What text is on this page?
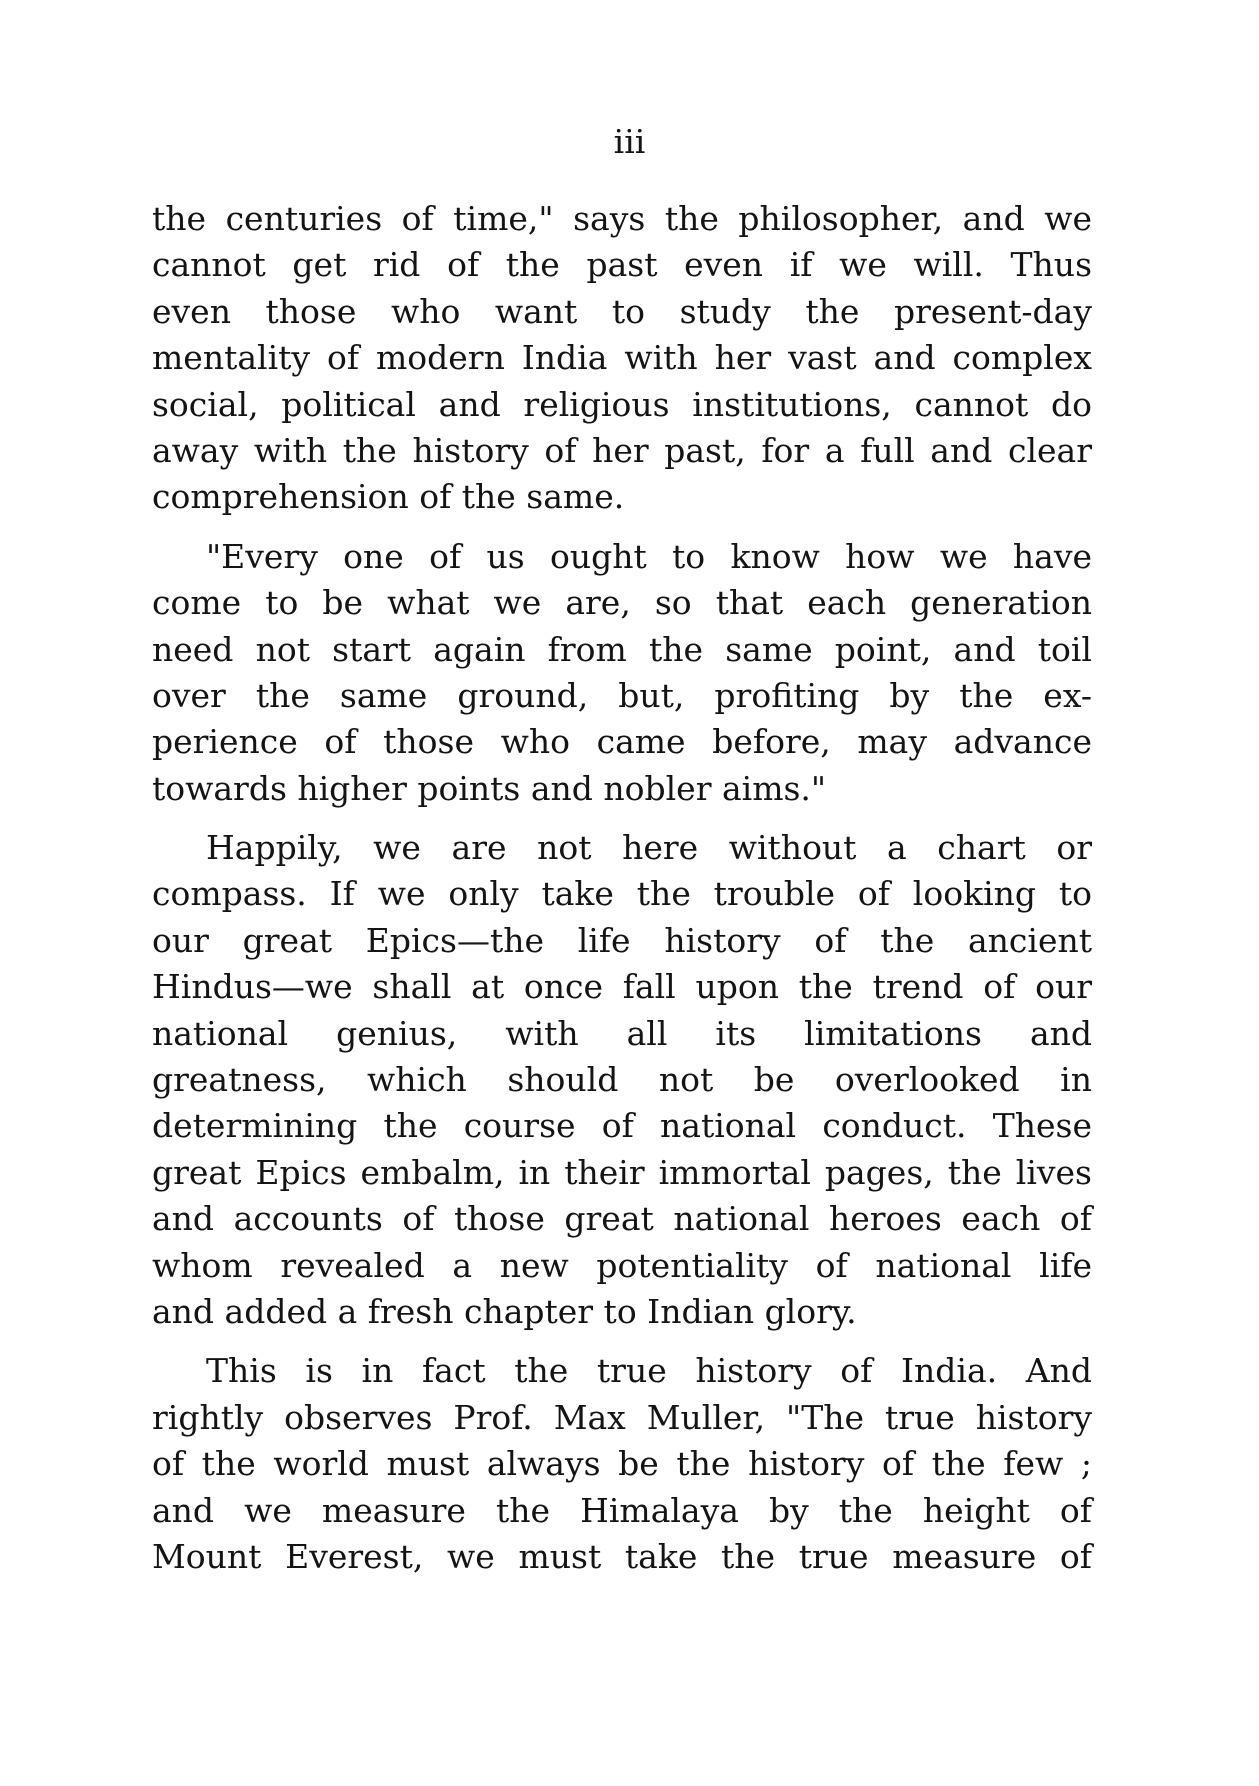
iii

the centuries of time," says the philosopher, and we
cannot get rid of the past even if we will. Thus
even those who want to study the present-day
mentality of modern India with her vast and complex
social, political and religious institutions, cannot do
away with the history of her past, for a full and clear
comprehension of the same.

"Every one of us ought to know how we have
come to be what we are, so that each generation
need not start again from the same point, and toil
over the same ground, but, profiting by the ex-
perience of those who came before, may advance
towards higher points and nobler aims."

Happily, we are not here without a chart or
compass. If we only take the trouble of looking to
our great Epics—the life history of the ancient
Hindus—we shall at once fall upon the trend of our
national genius, with all its limitations and
greatness, which should not be overlooked in
determining the course of national conduct. These
great Epics embalm, in their immortal pages, the lives
and accounts of those great national heroes each of
whom revealed a new potentiality of national life
and added a fresh chapter to Indian glory.

This is in fact the true history of India. And
rightly observes Prof. Max Muller, "The true history
of the world must always be the history of the few ;
and we measure the Himalaya by the height of
Mount Everest, we must take the true measure of
